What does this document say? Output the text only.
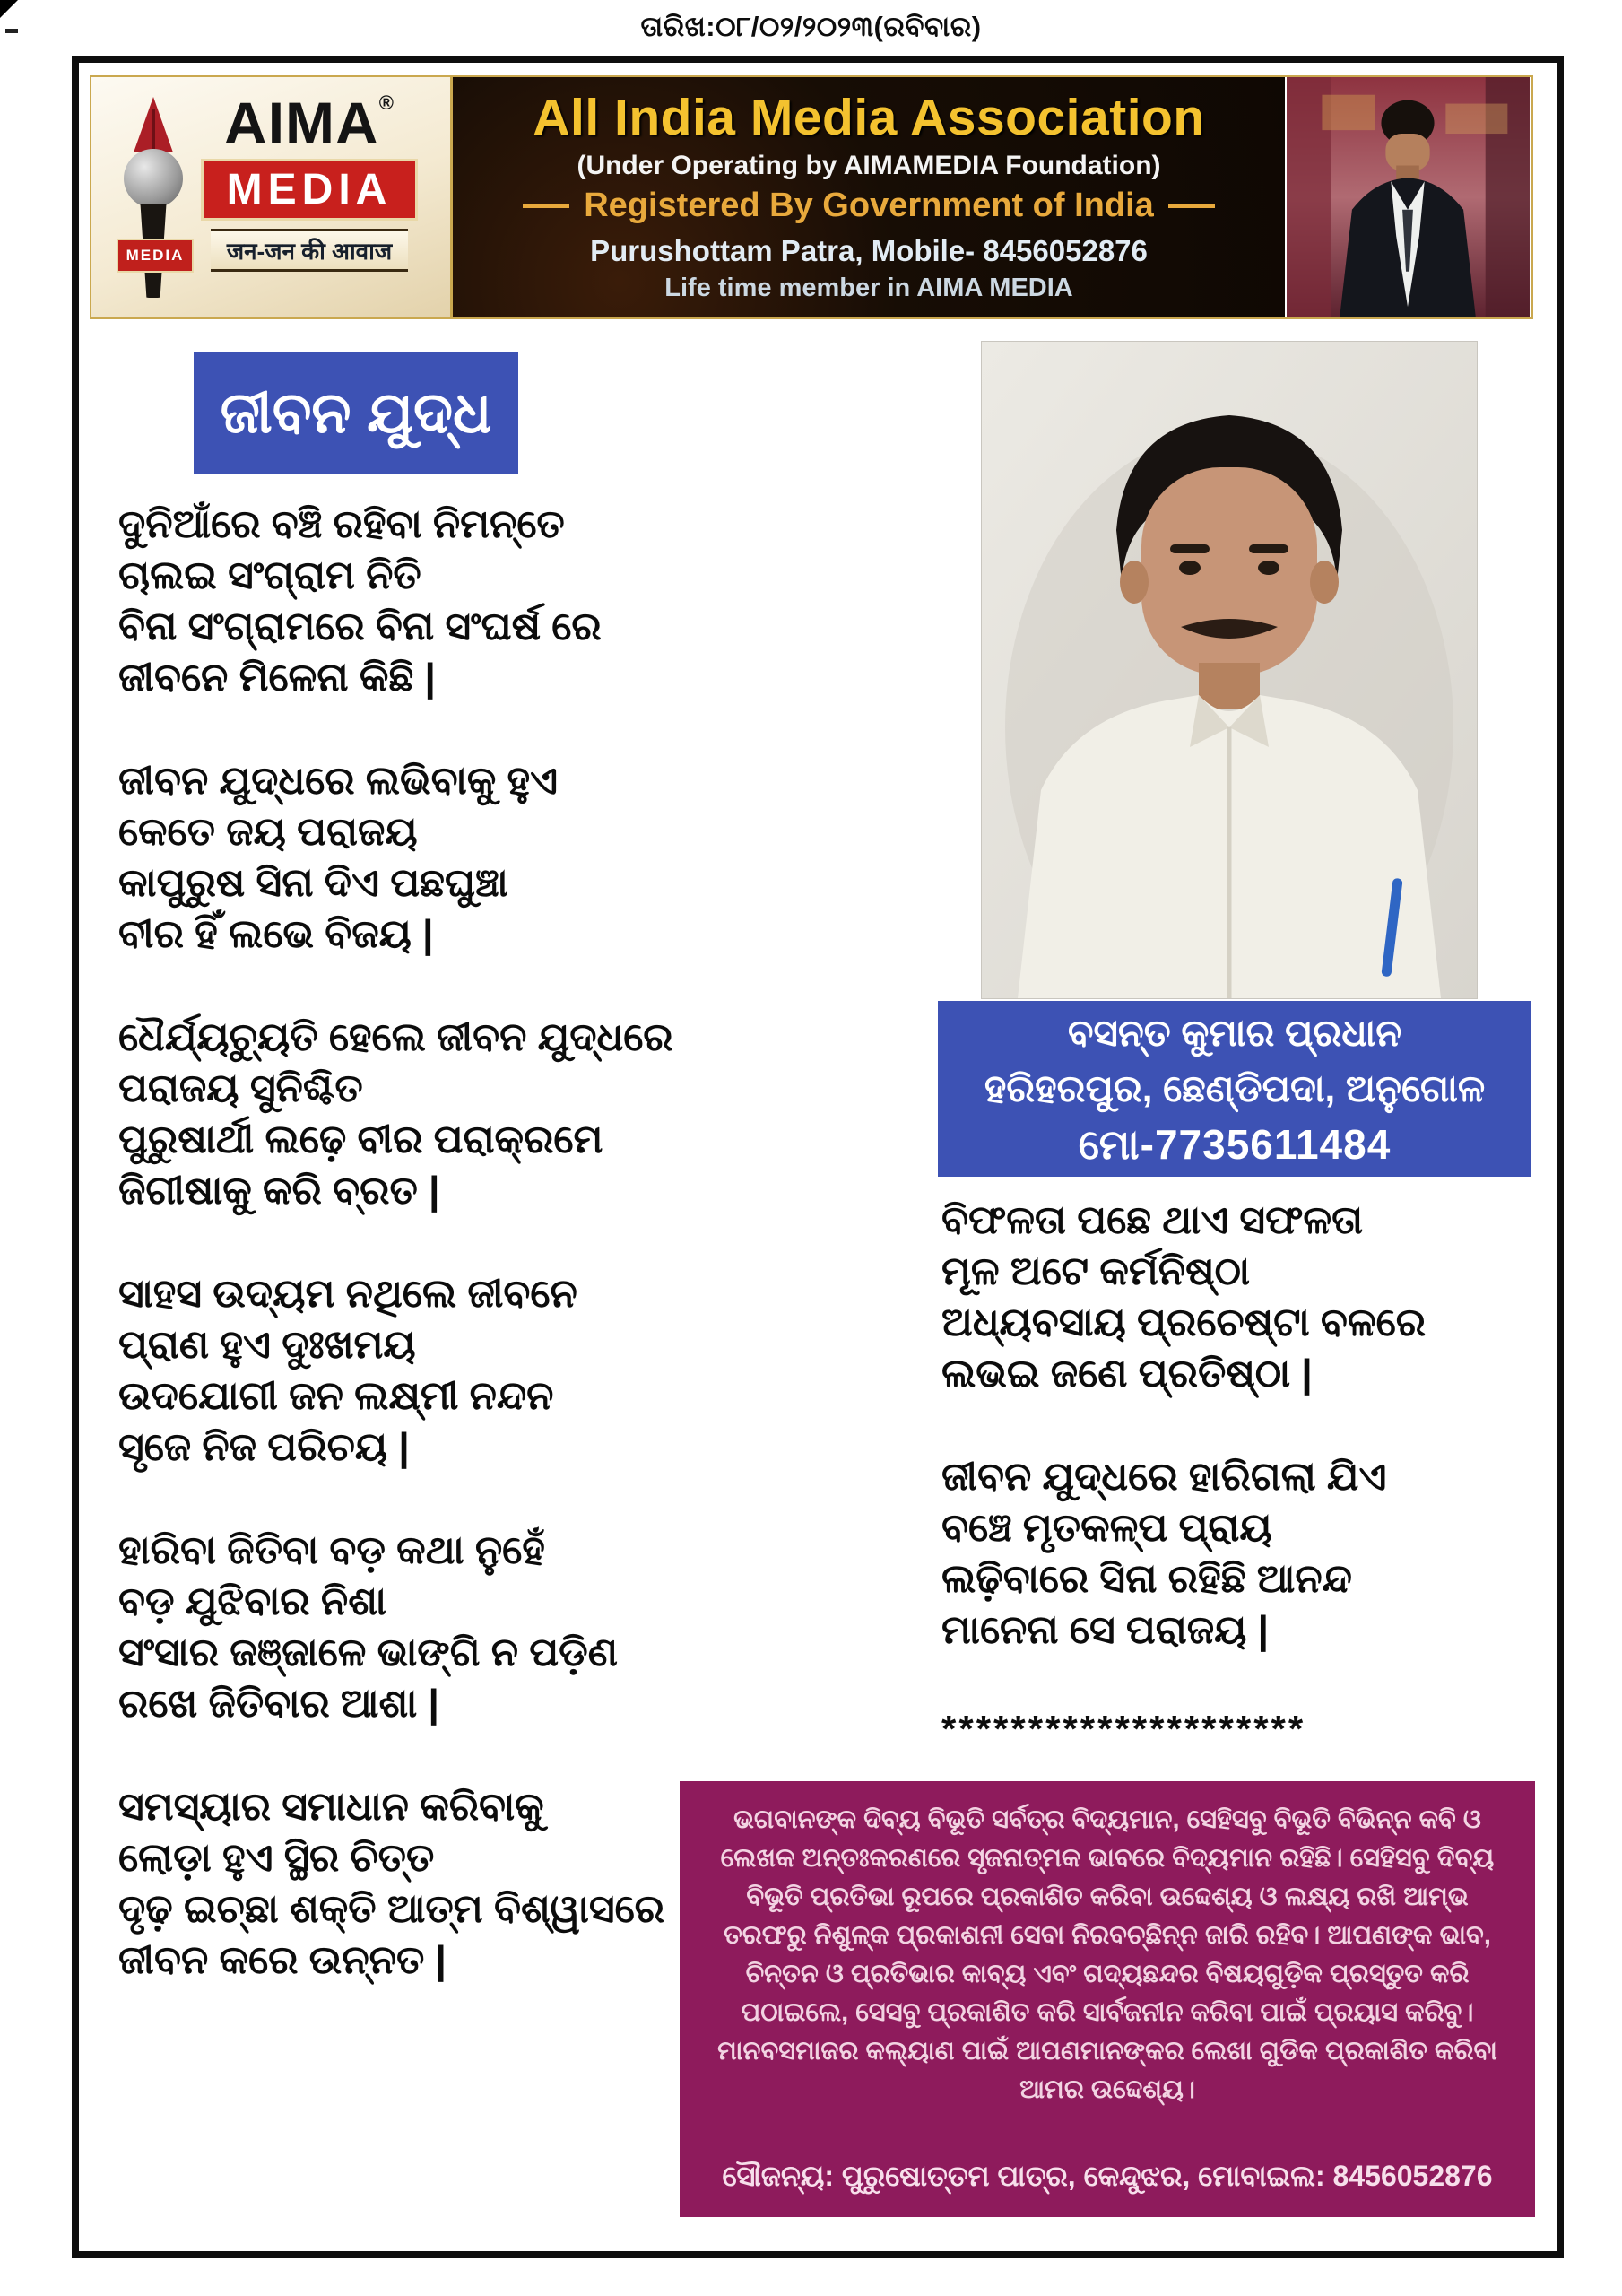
ତାରିଖ:୦୮/୦୨/୨୦୨୩(ରବିବାର)
MEDIA
AIMA®
MEDIA
जन-जन की आवाज
All India Media Association
(Under Operating by AIMAMEDIA Foundation)
Registered By Government of India
Purushottam Patra, Mobile- 8456052876
Life time member in AIMA MEDIA
ଜୀବନ ଯୁଦ୍ଧ
ଦୁନିଆଁରେ ବଞ୍ଚି ରହିବା ନିମନ୍ତେ
ଚାଲଇ ସଂଗ୍ରାମ ନିତି
ବିନା ସଂଗ୍ରାମରେ ବିନା ସଂଘର୍ଷ ରେ
ଜୀବନେ ମିଳେନା କିଛି |
ଜୀବନ ଯୁଦ୍ଧରେ ଲଭିବାକୁ ହୁଏ
କେତେ ଜୟ ପରାଜୟ
କାପୁରୁଷ ସିନା ଦିଏ ପଛଘୁଞ୍ଚା
ବୀର ହିଁ ଲଭେ ବିଜୟ |
ଧୈର୍ଯ୍ୟଚ୍ୟୁତି ହେଲେ ଜୀବନ ଯୁଦ୍ଧରେ
ପରାଜୟ ସୁନିଶ୍ଚିତ
ପୁରୁଷାର୍ଥୀ ଲଢ଼େ ବୀର ପରାକ୍ରମେ
ଜିଗୀଷାକୁ କରି ବ୍ରତ |
ସାହସ ଉଦ୍ୟମ ନଥିଲେ ଜୀବନେ
ପ୍ରାଣ ହୁଏ ଦୁଃଖମୟ
ଉଦଯୋଗୀ ଜନ ଲକ୍ଷ୍ମୀ ନନ୍ଦନ
ସୃଜେ ନିଜ ପରିଚୟ |
ହାରିବା ଜିତିବା ବଡ଼ କଥା ନୁହେଁ
ବଡ଼ ଯୁଝିବାର ନିଶା
ସଂସାର ଜଞ୍ଜାଳେ ଭାଙ୍ଗି ନ ପଡ଼ିଣ
ରଖେ ଜିତିବାର ଆଶା |
ସମସ୍ୟାର ସମାଧାନ କରିବାକୁ
ଲୋଡ଼ା ହୁଏ ସ୍ଥିର ଚିତ୍ତ
ଦୃଢ଼ ଇଚ୍ଛା ଶକ୍ତି ଆତ୍ମ ବିଶ୍ୱାସରେ
ଜୀବନ କରେ ଉନ୍ନତ |
ବସନ୍ତ କୁମାର ପ୍ରଧାନ
ହରିହରପୁର, ଛେଣ୍ଡିପଦା, ଅନୁଗୋଳ
ମୋ-7735611484
ବିଫଳତା ପଛେ ଥାଏ ସଫଳତା
ମୂଳ ଅଟେ କର୍ମନିଷ୍ଠା
ଅଧ୍ୟବସାୟ ପ୍ରଚେଷ୍ଟା ବଳରେ
ଲଭଇ ଜଣେ ପ୍ରତିଷ୍ଠା |
ଜୀବନ ଯୁଦ୍ଧରେ ହାରିଗଲା ଯିଏ
ବଞ୍ଚେ ମୃତକଳ୍ପ ପ୍ରାୟ
ଲଢ଼ିବାରେ ସିନା ରହିଛି ଆନନ୍ଦ
ମାନେନା ସେ ପରାଜୟ |
*********************
ଭଗବାନଙ୍କ ଦିବ୍ୟ ବିଭୂତି ସର୍ବତ୍ର ବିଦ୍ୟମାନ, ସେହିସବୁ ବିଭୂତି ବିଭିନ୍ନ କବି ଓ ଲେଖକ ଅନ୍ତଃକରଣରେ ସୃଜନାତ୍ମକ ଭାବରେ ବିଦ୍ୟମାନ ରହିଛି। ସେହିସବୁ ଦିବ୍ୟ ବିଭୂତି ପ୍ରତିଭା ରୂପରେ ପ୍ରକାଶିତ କରିବା ଉଦ୍ଦେଶ୍ୟ ଓ ଲକ୍ଷ୍ୟ ରଖି ଆମ୍ଭ ତରଫରୁ ନିଶୁଳ୍କ ପ୍ରକାଶନୀ ସେବା ନିରବଚ୍ଛିନ୍ନ ଜାରି ରହିବ। ଆପଣଙ୍କ ଭାବ, ଚିନ୍ତନ ଓ ପ୍ରତିଭାର କାବ୍ୟ ଏବଂ ଗଦ୍ୟଛନ୍ଦର ବିଷୟଗୁଡ଼ିକ ପ୍ରସ୍ତୁତ କରି ପଠାଇଲେ, ସେସବୁ ପ୍ରକାଶିତ କରି ସାର୍ବଜନୀନ କରିବା ପାଇଁ ପ୍ରୟାସ କରିବୁ। ମାନବସମାଜର କଲ୍ୟାଣ ପାଇଁ ଆପଣମାନଙ୍କର ଲେଖା ଗୁଡିକ ପ୍ରକାଶିତ କରିବା ଆମର ଉଦ୍ଦେଶ୍ୟ।
ସୌଜନ୍ୟ: ପୁରୁଷୋତ୍ତମ ପାତ୍ର, କେନ୍ଦୁଝର, ମୋବାଇଲ: 8456052876
